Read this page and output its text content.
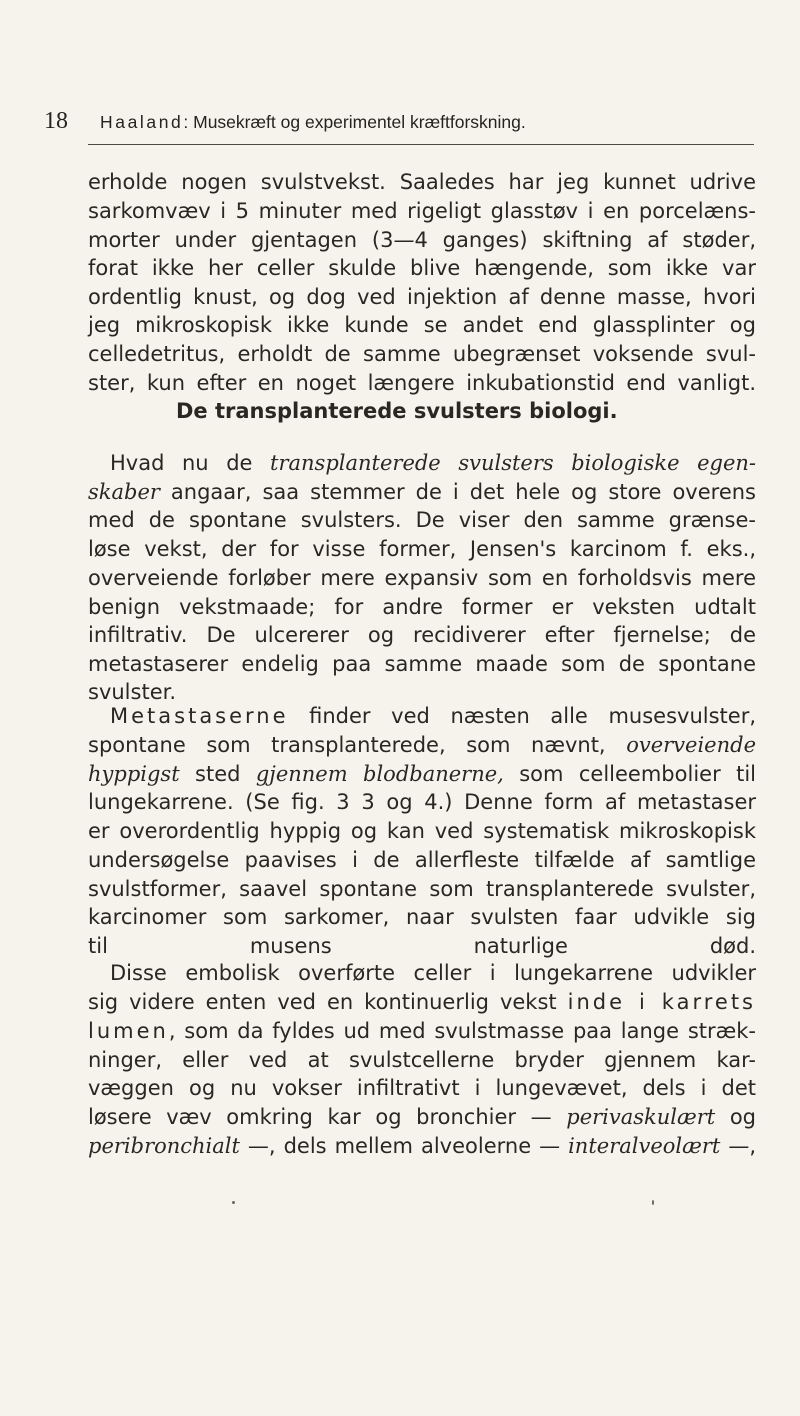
18 Haaland: Musekræft og experimentel kræftforskning.
erholde nogen svulstvekst. Saaledes har jeg kunnet udrive
sarkomvæv i 5 minuter med rigeligt glasstøv i en porcelæns-
morter under gjentagen (3—4 ganges) skiftning af støder,
forat ikke her celler skulde blive hængende, som ikke var
ordentlig knust, og dog ved injektion af denne masse, hvori
jeg mikroskopisk ikke kunde se andet end glassplinter og
celledetritus, erholdt de samme ubegrænset voksende svul-
ster, kun efter en noget længere inkubationstid end vanligt.
De transplanterede svulsters biologi.
Hvad nu de transplanterede svulsters biologiske egen-
skaber angaar, saa stemmer de i det hele og store overens
med de spontane svulsters. De viser den samme grænse-
løse vekst, der for visse former, Jensen's karcinom f. eks.,
overveiende forløber mere expansiv som en forholdsvis mere
benign vekstmaade; for andre former er veksten udtalt
infiltrativ. De ulcererer og recidiverer efter fjernelse; de
metastaserer endelig paa samme maade som de spontane
svulster.
Metastaserne finder ved næsten alle musesvulster,
spontane som transplanterede, som nævnt, overveiende
hyppigst sted gjennem blodbanerne, som celleembolier til
lungekarrene. (Se fig. 3 3 og 4.) Denne form af metastaser
er overordentlig hyppig og kan ved systematisk mikroskopisk
undersøgelse paavises i de allerfleste tilfælde af samtlige
svulstformer, saavel spontane som transplanterede svulster,
karcinomer som sarkomer, naar svulsten faar udvikle sig
til musens naturlige død.
Disse embolisk overførte celler i lungekarrene udvikler
sig videre enten ved en kontinuerlig vekst inde i karrets
lumen, som da fyldes ud med svulstmasse paa lange stræk-
ninger, eller ved at svulstcellerne bryder gjennem kar-
væggen og nu vokser infiltrativt i lungevævet, dels i det
løsere væv omkring kar og bronchier — perivaskulært og
peribronchialt —, dels mellem alveolerne — interalveolært —,
